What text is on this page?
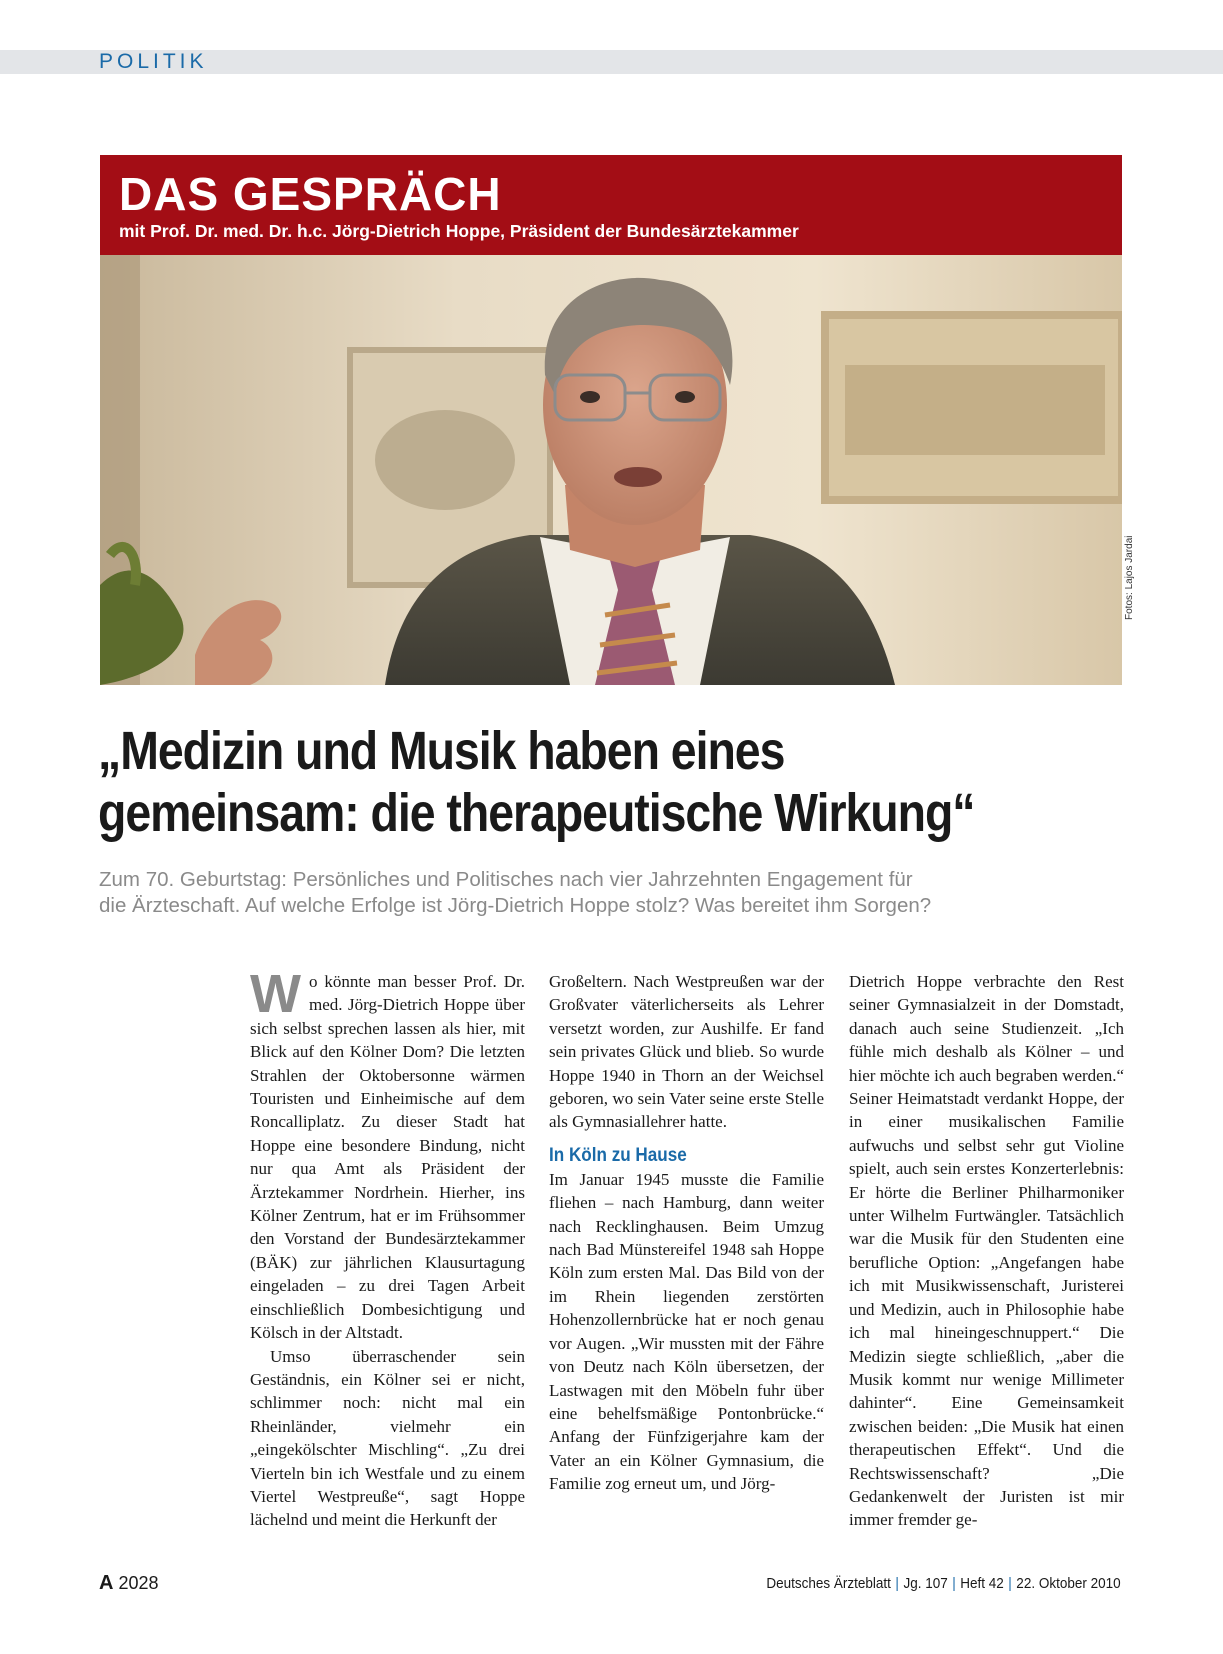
POLITIK
DAS GESPRÄCH
mit Prof. Dr. med. Dr. h.c. Jörg-Dietrich Hoppe, Präsident der Bundesärztekammer
Fotos: Lajos Jardai
„Medizin und Musik haben eines
gemeinsam: die therapeutische Wirkung“
Zum 70. Geburtstag: Persönliches und Politisches nach vier Jahrzehnten Engagement für
die Ärzteschaft. Auf welche Erfolge ist Jörg-Dietrich Hoppe stolz? Was bereitet ihm Sorgen?

Wo könnte man besser Prof. Dr. med. Jörg-Dietrich Hoppe über sich selbst sprechen lassen als hier, mit Blick auf den Kölner Dom? Die letzten Strahlen der Oktobersonne wärmen Touristen und Einheimische auf dem Roncalliplatz. Zu dieser Stadt hat Hoppe eine besondere Bindung, nicht nur qua Amt als Präsident der Ärztekammer Nordrhein. Hierher, ins Kölner Zentrum, hat er im Frühsommer den Vorstand der Bundesärztekammer (BÄK) zur jährlichen Klausurtagung eingeladen – zu drei Tagen Arbeit einschließlich Dombesichtigung und Kölsch in der Altstadt.

Umso überraschender sein Geständnis, ein Kölner sei er nicht, schlimmer noch: nicht mal ein Rheinländer, vielmehr ein „eingekölschter Mischling“. „Zu drei Vierteln bin ich Westfale und zu einem Viertel Westpreuße“, sagt Hoppe lächelnd und meint die Herkunft der

Großeltern. Nach Westpreußen war der Großvater väterlicherseits als Lehrer versetzt worden, zur Aushilfe. Er fand sein privates Glück und blieb. So wurde Hoppe 1940 in Thorn an der Weichsel geboren, wo sein Vater seine erste Stelle als Gymnasiallehrer hatte.

In Köln zu Hause

Im Januar 1945 musste die Familie fliehen – nach Hamburg, dann weiter nach Recklinghausen. Beim Umzug nach Bad Münstereifel 1948 sah Hoppe Köln zum ersten Mal. Das Bild von der im Rhein liegenden zerstörten Hohenzollernbrücke hat er noch genau vor Augen. „Wir mussten mit der Fähre von Deutz nach Köln übersetzen, der Lastwagen mit den Möbeln fuhr über eine behelfsmäßige Pontonbrücke.“ Anfang der Fünfzigerjahre kam der Vater an ein Kölner Gymnasium, die Familie zog erneut um, und Jörg-

Dietrich Hoppe verbrachte den Rest seiner Gymnasialzeit in der Domstadt, danach auch seine Studienzeit. „Ich fühle mich deshalb als Kölner – und hier möchte ich auch begraben werden.“ Seiner Heimatstadt verdankt Hoppe, der in einer musikalischen Familie aufwuchs und selbst sehr gut Violine spielt, auch sein erstes Konzerterlebnis: Er hörte die Berliner Philharmoniker unter Wilhelm Furtwängler. Tatsächlich war die Musik für den Studenten eine berufliche Option: „Angefangen habe ich mit Musikwissenschaft, Juristerei und Medizin, auch in Philosophie habe ich mal hineingeschnuppert.“ Die Medizin siegte schließlich, „aber die Musik kommt nur wenige Millimeter dahinter“. Eine Gemeinsamkeit zwischen beiden: „Die Musik hat einen therapeutischen Effekt“. Und die Rechtswissenschaft? „Die Gedankenwelt der Juristen ist mir immer fremder ge-

A 2028	Deutsches Ärzteblatt | Jg. 107 | Heft 42 | 22. Oktober 2010
